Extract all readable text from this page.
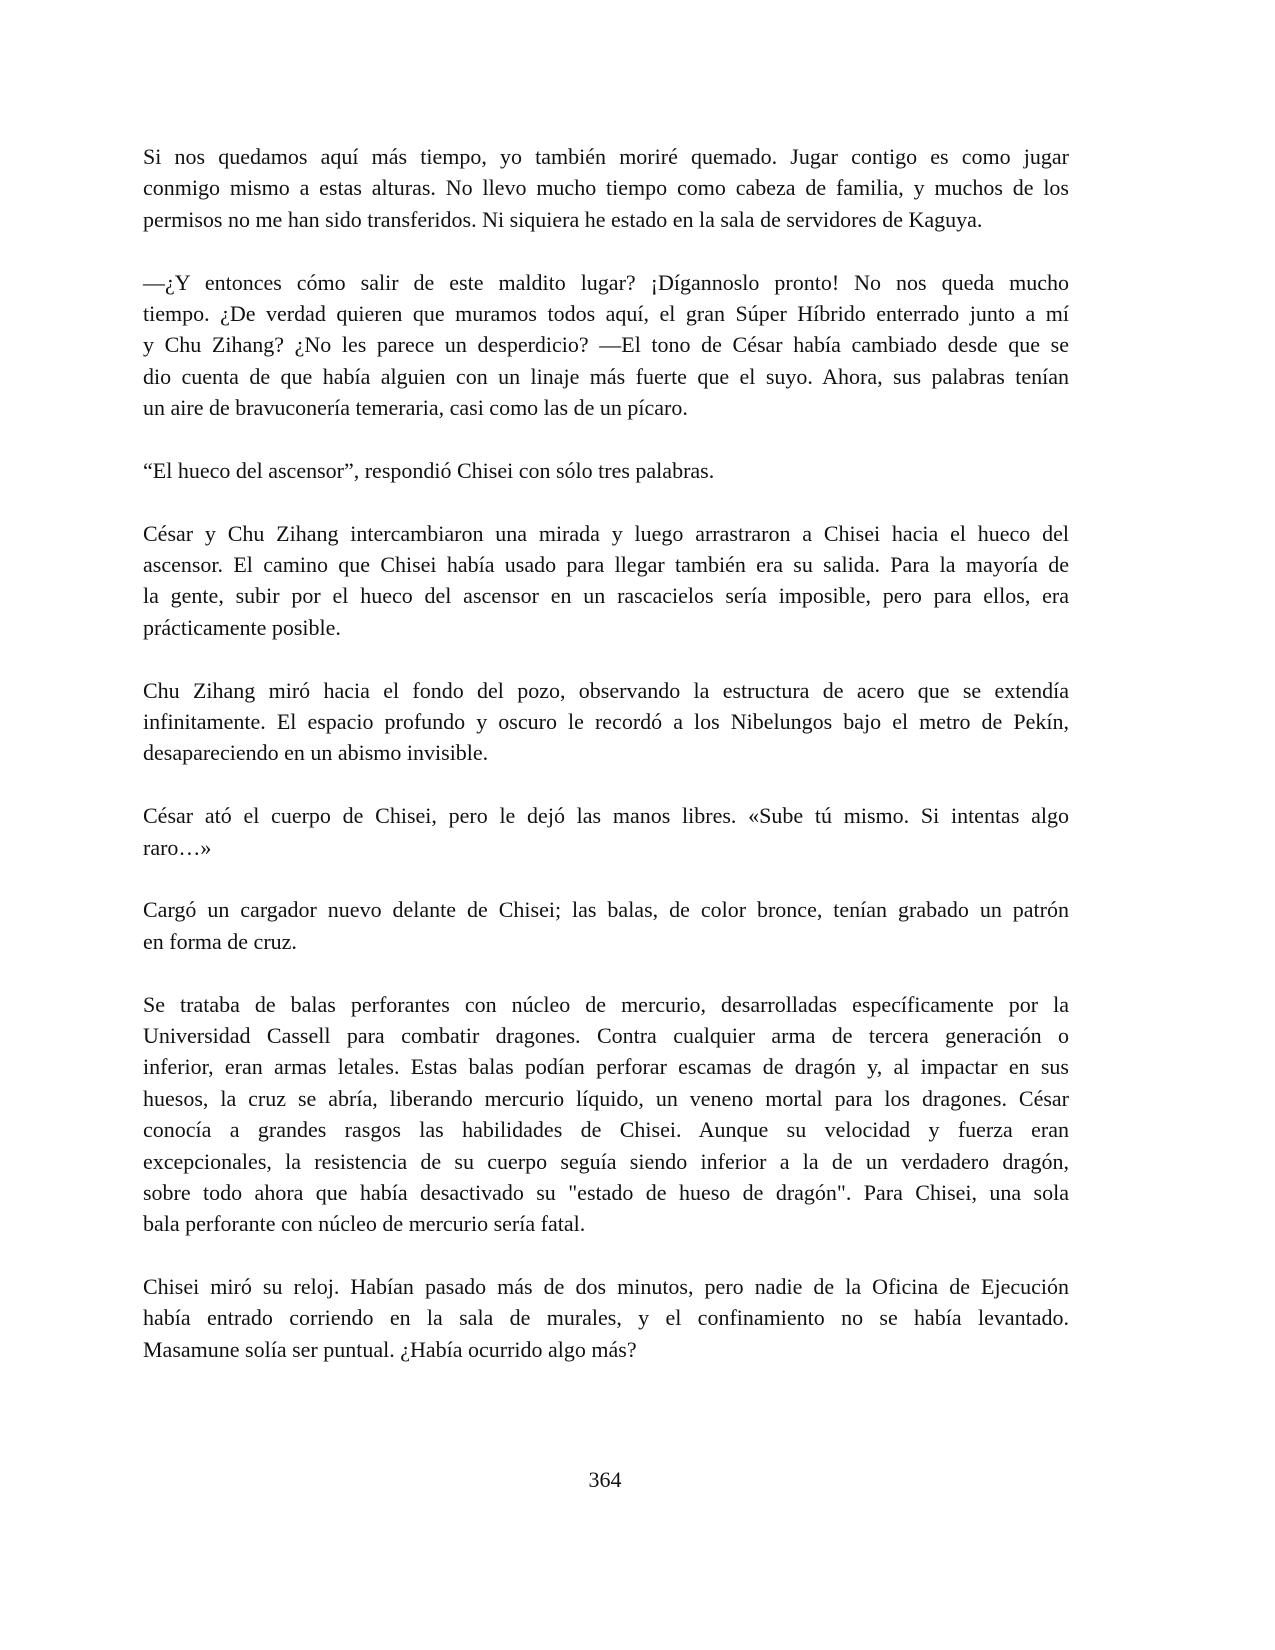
Si nos quedamos aquí más tiempo, yo también moriré quemado. Jugar contigo es como jugar
conmigo mismo a estas alturas. No llevo mucho tiempo como cabeza de familia, y muchos de los
permisos no me han sido transferidos. Ni siquiera he estado en la sala de servidores de Kaguya.
—¿Y entonces cómo salir de este maldito lugar? ¡Dígannoslo pronto! No nos queda mucho
tiempo. ¿De verdad quieren que muramos todos aquí, el gran Súper Híbrido enterrado junto a mí
y Chu Zihang? ¿No les parece un desperdicio? —El tono de César había cambiado desde que se
dio cuenta de que había alguien con un linaje más fuerte que el suyo. Ahora, sus palabras tenían
un aire de bravuconería temeraria, casi como las de un pícaro.
“El hueco del ascensor”, respondió Chisei con sólo tres palabras.
César y Chu Zihang intercambiaron una mirada y luego arrastraron a Chisei hacia el hueco del
ascensor. El camino que Chisei había usado para llegar también era su salida. Para la mayoría de
la gente, subir por el hueco del ascensor en un rascacielos sería imposible, pero para ellos, era
prácticamente posible.
Chu Zihang miró hacia el fondo del pozo, observando la estructura de acero que se extendía
infinitamente. El espacio profundo y oscuro le recordó a los Nibelungos bajo el metro de Pekín,
desapareciendo en un abismo invisible.
César ató el cuerpo de Chisei, pero le dejó las manos libres. «Sube tú mismo. Si intentas algo
raro…»
Cargó un cargador nuevo delante de Chisei; las balas, de color bronce, tenían grabado un patrón
en forma de cruz.
Se trataba de balas perforantes con núcleo de mercurio, desarrolladas específicamente por la
Universidad Cassell para combatir dragones. Contra cualquier arma de tercera generación o
inferior, eran armas letales. Estas balas podían perforar escamas de dragón y, al impactar en sus
huesos, la cruz se abría, liberando mercurio líquido, un veneno mortal para los dragones. César
conocía a grandes rasgos las habilidades de Chisei. Aunque su velocidad y fuerza eran
excepcionales, la resistencia de su cuerpo seguía siendo inferior a la de un verdadero dragón,
sobre todo ahora que había desactivado su "estado de hueso de dragón". Para Chisei, una sola
bala perforante con núcleo de mercurio sería fatal.
Chisei miró su reloj. Habían pasado más de dos minutos, pero nadie de la Oficina de Ejecución
había entrado corriendo en la sala de murales, y el confinamiento no se había levantado.
Masamune solía ser puntual. ¿Había ocurrido algo más?
364
